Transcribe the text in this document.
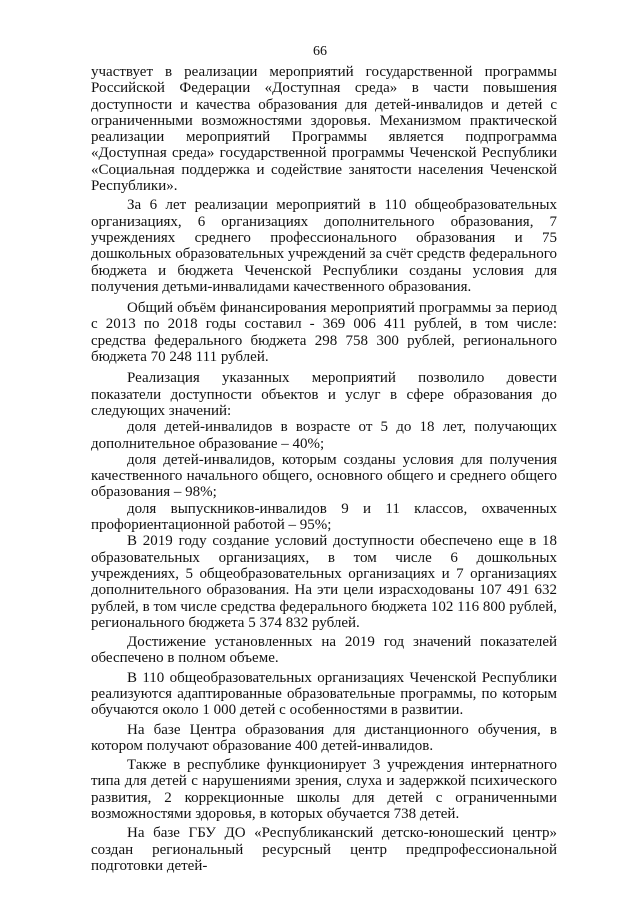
66

участвует в реализации мероприятий государственной программы Российской Федерации «Доступная среда» в части повышения доступности и качества образования для детей-инвалидов и детей с ограниченными возможностями здоровья. Механизмом практической реализации мероприятий Программы является подпрограмма «Доступная среда» государственной программы Чеченской Республики «Социальная поддержка и содействие занятости населения Чеченской Республики».

За 6 лет реализации мероприятий в 110 общеобразовательных организациях, 6 организациях дополнительного образования, 7 учреждениях среднего профессионального образования и 75 дошкольных образовательных учреждений за счёт средств федерального бюджета и бюджета Чеченской Республики созданы условия для получения детьми-инвалидами качественного образования.

Общий объём финансирования мероприятий программы за период с 2013 по 2018 годы составил - 369 006 411 рублей, в том числе: средства федерального бюджета 298 758 300 рублей, регионального бюджета 70 248 111 рублей.

Реализация указанных мероприятий позволило довести показатели доступности объектов и услуг в сфере образования до следующих значений:

доля детей-инвалидов в возрасте от 5 до 18 лет, получающих дополнительное образование – 40%;

доля детей-инвалидов, которым созданы условия для получения качественного начального общего, основного общего и среднего общего образования – 98%;

доля выпускников-инвалидов 9 и 11 классов, охваченных профориентационной работой – 95%;

В 2019 году создание условий доступности обеспечено еще в 18 образовательных организациях, в том числе 6 дошкольных учреждениях, 5 общеобразовательных организациях и 7 организациях дополнительного образования. На эти цели израсходованы 107 491 632 рублей, в том числе средства федерального бюджета 102 116 800 рублей, регионального бюджета 5 374 832 рублей.

Достижение установленных на 2019 год значений показателей обеспечено в полном объеме.

В 110 общеобразовательных организациях Чеченской Республики реализуются адаптированные образовательные программы, по которым обучаются около 1 000 детей с особенностями в развитии.

На базе Центра образования для дистанционного обучения, в котором получают образование 400 детей-инвалидов.

Также в республике функционирует 3 учреждения интернатного типа для детей с нарушениями зрения, слуха и задержкой психического развития, 2 коррекционные школы для детей с ограниченными возможностями здоровья, в которых обучается 738 детей.

На базе ГБУ ДО «Республиканский детско-юношеский центр» создан региональный ресурсный центр предпрофессиональной подготовки детей-
